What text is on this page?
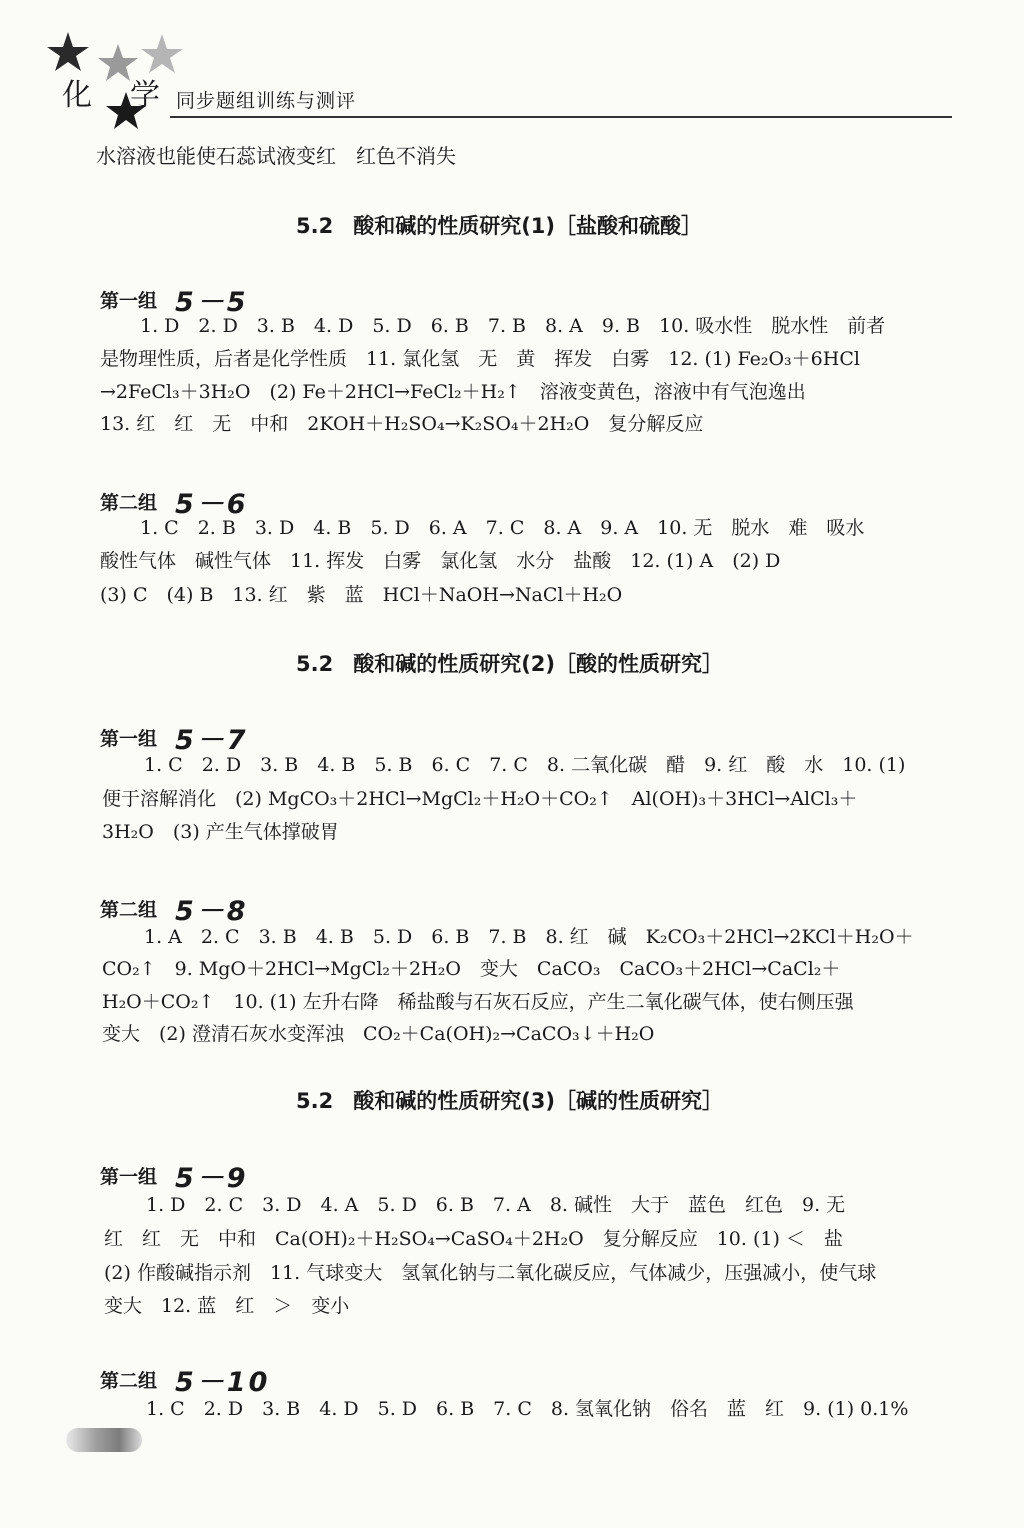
化 学 同步题组训练与测评
水溶液也能使石蕊试液变红　红色不消失
5.2 酸和碱的性质研究(1)［盐酸和硫酸］
第一组 5－5
1. D　2. D　3. B　4. D　5. D　6. B　7. B　8. A　9. B　10. 吸水性　脱水性　前者
是物理性质，后者是化学性质　11. 氯化氢　无　黄　挥发　白雾　12. (1) Fe₂O₃＋6HCl
→2FeCl₃＋3H₂O　(2) Fe＋2HCl→FeCl₂＋H₂↑　溶液变黄色，溶液中有气泡逸出
13. 红　红　无　中和　2KOH＋H₂SO₄→K₂SO₄＋2H₂O　复分解反应
第二组 5－6
1. C　2. B　3. D　4. B　5. D　6. A　7. C　8. A　9. A　10. 无　脱水　难　吸水
酸性气体　碱性气体　11. 挥发　白雾　氯化氢　水分　盐酸　12. (1) A　(2) D
(3) C　(4) B　13. 红　紫　蓝　HCl＋NaOH→NaCl＋H₂O
5.2 酸和碱的性质研究(2)［酸的性质研究］
第一组 5－7
1. C　2. D　3. B　4. B　5. B　6. C　7. C　8. 二氧化碳　醋　9. 红　酸　水　10. (1)
便于溶解消化　(2) MgCO₃＋2HCl→MgCl₂＋H₂O＋CO₂↑　Al(OH)₃＋3HCl→AlCl₃＋
3H₂O　(3) 产生气体撑破胃
第二组 5－8
1. A　2. C　3. B　4. B　5. D　6. B　7. B　8. 红　碱　K₂CO₃＋2HCl→2KCl＋H₂O＋
CO₂↑　9. MgO＋2HCl→MgCl₂＋2H₂O　变大　CaCO₃　CaCO₃＋2HCl→CaCl₂＋
H₂O＋CO₂↑　10. (1) 左升右降　稀盐酸与石灰石反应，产生二氧化碳气体，使右侧压强
变大　(2) 澄清石灰水变浑浊　CO₂＋Ca(OH)₂→CaCO₃↓＋H₂O
5.2 酸和碱的性质研究(3)［碱的性质研究］
第一组 5－9
1. D　2. C　3. D　4. A　5. D　6. B　7. A　8. 碱性　大于　蓝色　红色　9. 无
红　红　无　中和　Ca(OH)₂＋H₂SO₄→CaSO₄＋2H₂O　复分解反应　10. (1) ＜　盐
(2) 作酸碱指示剂　11. 气球变大　氢氧化钠与二氧化碳反应，气体减少，压强减小，使气球
变大　12. 蓝　红　＞　变小
第二组 5－10
1. C　2. D　3. B　4. D　5. D　6. B　7. C　8. 氢氧化钠　俗名　蓝　红　9. (1) 0.1%
